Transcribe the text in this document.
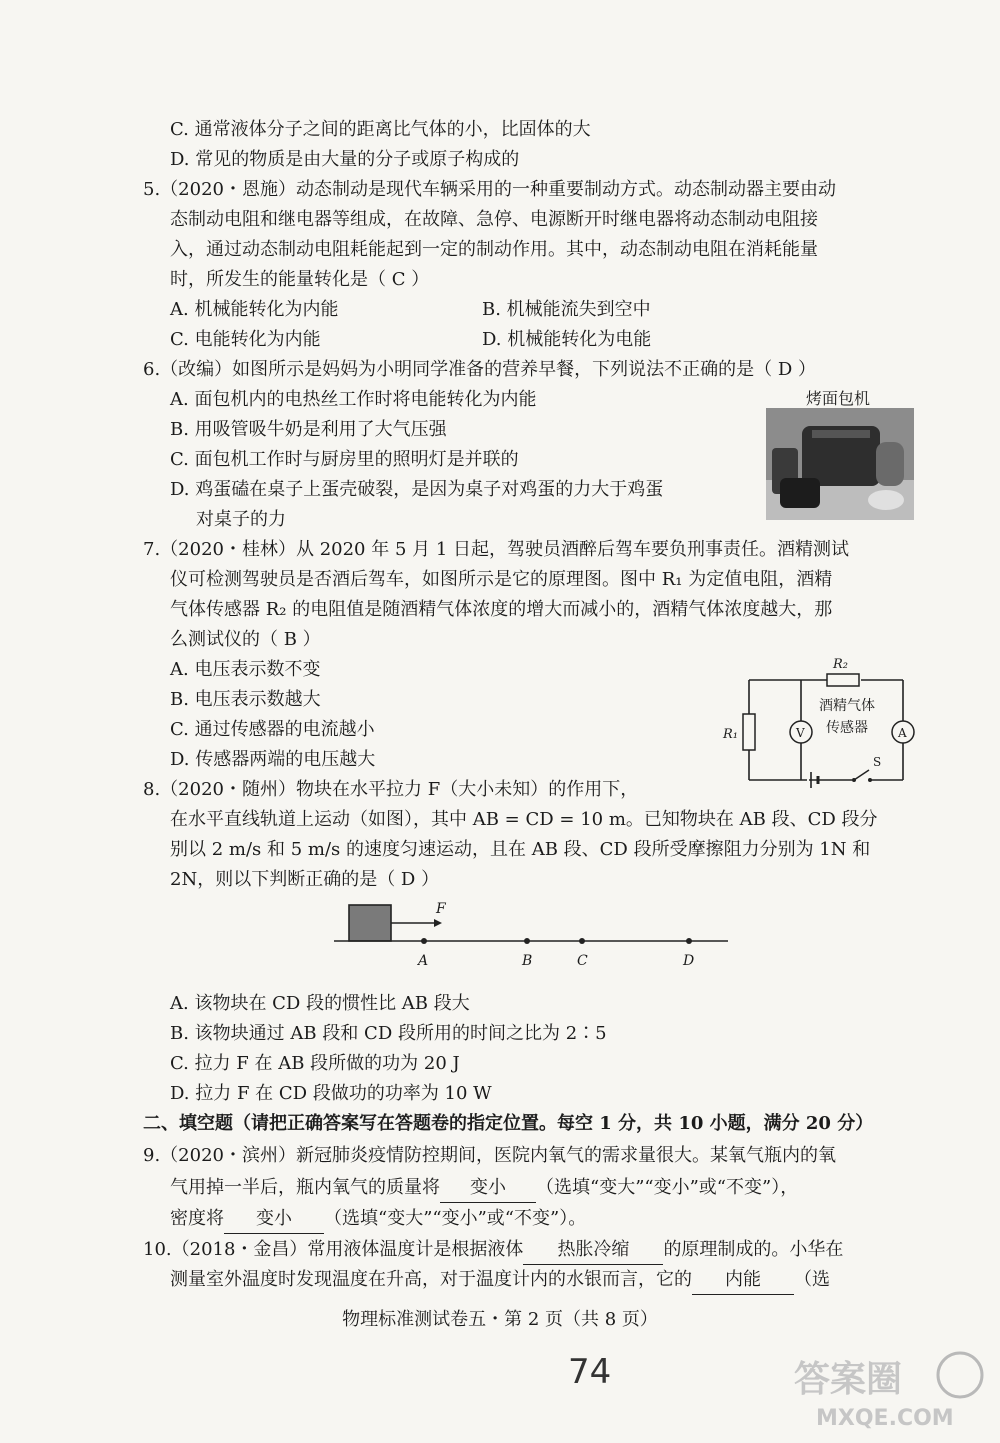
C. 通常液体分子之间的距离比气体的小，比固体的大
D. 常见的物质是由大量的分子或原子构成的
5.（2020・恩施）动态制动是现代车辆采用的一种重要制动方式。动态制动器主要由动
态制动电阻和继电器等组成，在故障、急停、电源断开时继电器将动态制动电阻接
入，通过动态制动电阻耗能起到一定的制动作用。其中，动态制动电阻在消耗能量
时，所发生的能量转化是（ C ）
A. 机械能转化为内能	B. 机械能流失到空中
C. 电能转化为内能	D. 机械能转化为电能
6.（改编）如图所示是妈妈为小明同学准备的营养早餐，下列说法不正确的是（ D ）
A. 面包机内的电热丝工作时将电能转化为内能
B. 用吸管吸牛奶是利用了大气压强
C. 面包机工作时与厨房里的照明灯是并联的
D. 鸡蛋磕在桌子上蛋壳破裂，是因为桌子对鸡蛋的力大于鸡蛋
对桌子的力
烤面包机
7.（2020・桂林）从 2020 年 5 月 1 日起，驾驶员酒醉后驾车要负刑事责任。酒精测试
仪可检测驾驶员是否酒后驾车，如图所示是它的原理图。图中 R₁ 为定值电阻，酒精
气体传感器 R₂ 的电阻值是随酒精气体浓度的增大而减小的，酒精气体浓度越大，那
么测试仪的（ B ）
A. 电压表示数不变
B. 电压表示数越大
C. 通过传感器的电流越小
D. 传感器两端的电压越大
R₂
R₁	V	A
酒精气体
传感器
S
8.（2020・随州）物块在水平拉力 F（大小未知）的作用下，
在水平直线轨道上运动（如图），其中 AB = CD = 10 m。已知物块在 AB 段、CD 段分
别以 2 m/s 和 5 m/s 的速度匀速运动，且在 AB 段、CD 段所受摩擦阻力分别为 1N 和
2N，则以下判断正确的是（ D ）
F
A	B	C	D
A. 该物块在 CD 段的惯性比 AB 段大
B. 该物块通过 AB 段和 CD 段所用的时间之比为 2∶5
C. 拉力 F 在 AB 段所做的功为 20 J
D. 拉力 F 在 CD 段做功的功率为 10 W
二、填空题（请把正确答案写在答题卷的指定位置。每空 1 分，共 10 小题，满分 20 分）
9.（2020・滨州）新冠肺炎疫情防控期间，医院内氧气的需求量很大。某氧气瓶内的氧
气用掉一半后，瓶内氧气的质量将 变小 （选填“变大”“变小”或“不变”），
密度将 变小 （选填“变大”“变小”或“不变”）。
10.（2018・金昌）常用液体温度计是根据液体 热胀冷缩 的原理制成的。小华在
测量室外温度时发现温度在升高，对于温度计内的水银而言，它的 内能 （选
物理标准测试卷五・第 2 页（共 8 页）
74	答案圈
MXQE.COM
